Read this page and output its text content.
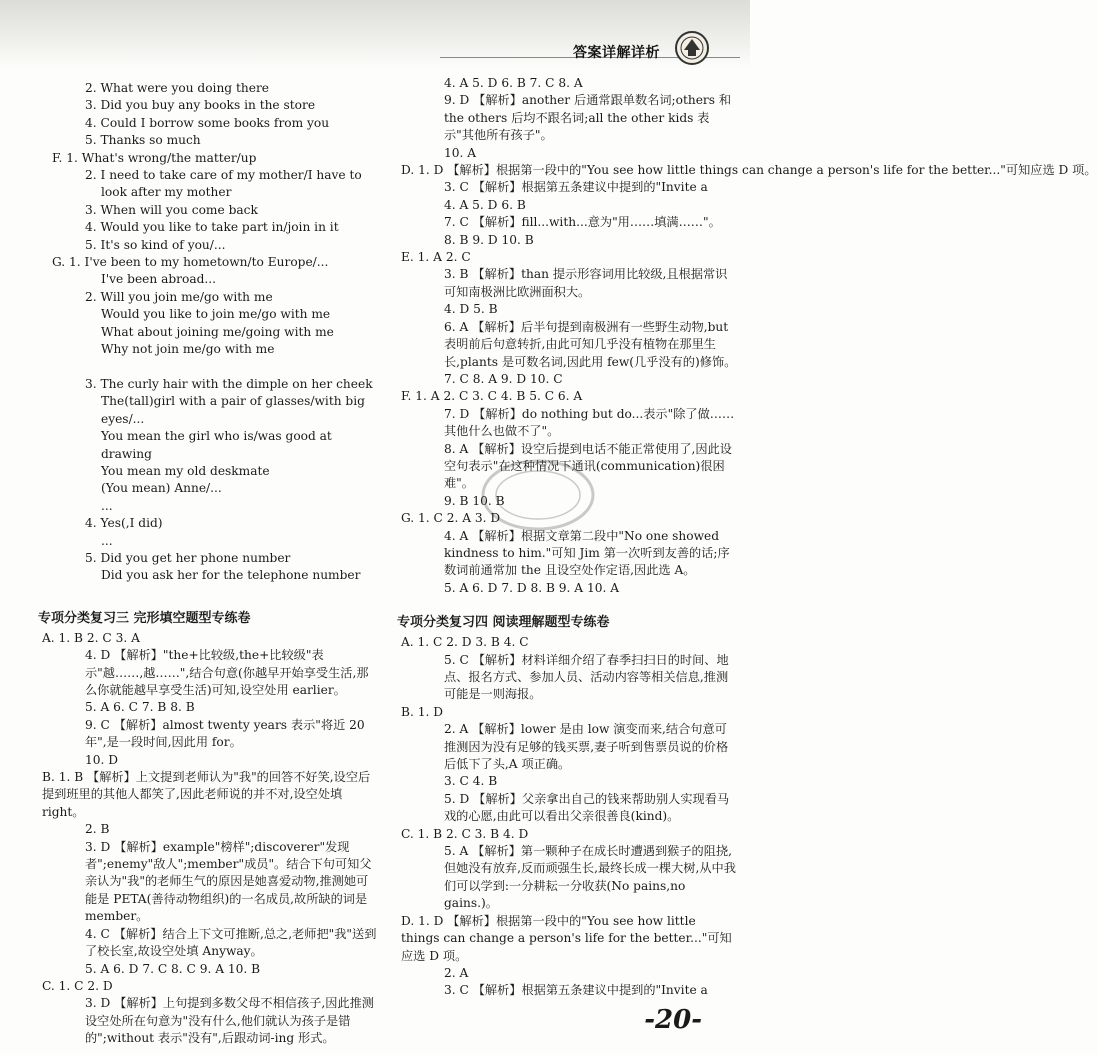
答案详解详析
2. What were you doing there
3. Did you buy any books in the store
4. Could I borrow some books from you
5. Thanks so much
F. 1. What's wrong/the matter/up
2. I need to take care of my mother/I have to
look after my mother
3. When will you come back
4. Would you like to take part in/join in it
5. It's so kind of you/...
G. 1. I've been to my hometown/to Europe/...
I've been abroad...
2. Will you join me/go with me
Would you like to join me/go with me
What about joining me/going with me
Why not join me/go with me

3. The curly hair with the dimple on her cheek
The(tall)girl with a pair of glasses/with big
eyes/...
You mean the girl who is/was good at
drawing
You mean my old deskmate
(You mean) Anne/...
...
4. Yes(,I did)
...
5. Did you get her phone number
Did you ask her for the telephone number
专项分类复习三 完形填空题型专练卷
A. 1. B 2. C 3. A
4. D 【解析】"the+比较级,the+比较级"表示"越……,越……",结合句意(你越早开始享受生活,那么你就能越早享受生活)可知,设空处用 earlier。
5. A 6. C 7. B 8. B
9. C 【解析】almost twenty years 表示"将近 20 年",是一段时间,因此用 for。
10. D
B. 1. B 【解析】上文提到老师认为"我"的回答不好笑,设空后提到班里的其他人都笑了,因此老师说的并不对,设空处填 right。
2. B
3. D 【解析】example"榜样";discoverer"发现者";enemy"敌人";member"成员"。结合下句可知父亲认为"我"的老师生气的原因是她喜爱动物,推测她可能是 PETA(善待动物组织)的一名成员,故所缺的词是 member。
4. C 【解析】结合上下文可推断,总之,老师把"我"送到了校长室,故设空处填 Anyway。
5. A 6. D 7. C 8. C 9. A 10. B
C. 1. C 2. D
3. D 【解析】上句提到多数父母不相信孩子,因此推测设空处所在句意为"没有什么,他们就认为孩子是错的";without 表示"没有",后跟动词-ing 形式。
4. A 5. D 6. B 7. C 8. A
9. D 【解析】another 后通常跟单数名词;others 和 the others 后均不跟名词;all the other kids 表示"其他所有孩子"。
10. A
D. 1. D 【解析】根据第一段中的"You see how little things can change a person's life for the better..."可知应选 D 项。
3. C 【解析】根据第五条建议中提到的"Invite a
4. A 5. D 6. B
7. C 【解析】fill...with...意为"用……填满……"。
8. B 9. D 10. B
E. 1. A 2. C
3. B 【解析】than 提示形容词用比较级,且根据常识可知南极洲比欧洲面积大。
4. D 5. B
6. A 【解析】后半句提到南极洲有一些野生动物,but 表明前后句意转折,由此可知几乎没有植物在那里生长,plants 是可数名词,因此用 few(几乎没有的)修饰。
7. C 8. A 9. D 10. C
F. 1. A 2. C 3. C 4. B 5. C 6. A
7. D 【解析】do nothing but do...表示"除了做……其他什么也做不了"。
8. A 【解析】设空后提到电话不能正常使用了,因此设空句表示"在这种情况下通讯(communication)很困难"。
9. B 10. B
G. 1. C 2. A 3. D
4. A 【解析】根据文章第二段中"No one showed kindness to him."可知 Jim 第一次听到友善的话;序数词前通常加 the 且设空处作定语,因此选 A。
5. A 6. D 7. D 8. B 9. A 10. A
专项分类复习四 阅读理解题型专练卷
A. 1. C 2. D 3. B 4. C
5. C 【解析】材料详细介绍了春季扫扫日的时间、地点、报名方式、参加人员、活动内容等相关信息,推测可能是一则海报。
B. 1. D
2. A 【解析】lower 是由 low 演变而来,结合句意可推测因为没有足够的钱买票,妻子听到售票员说的价格后低下了头,A 项正确。
3. C 4. B
5. D 【解析】父亲拿出自己的钱来帮助别人实现看马戏的心愿,由此可以看出父亲很善良(kind)。
C. 1. B 2. C 3. B 4. D
5. A 【解析】第一颗种子在成长时遭遇到猴子的阻挠,但她没有放弃,反而顽强生长,最终长成一棵大树,从中我们可以学到:一分耕耘一分收获(No pains,no gains.)。
D. 1. D 【解析】根据第一段中的"You see how little things can change a person's life for the better..."可知应选 D 项。
2. A
3. C 【解析】根据第五条建议中提到的"Invite a
-20-
